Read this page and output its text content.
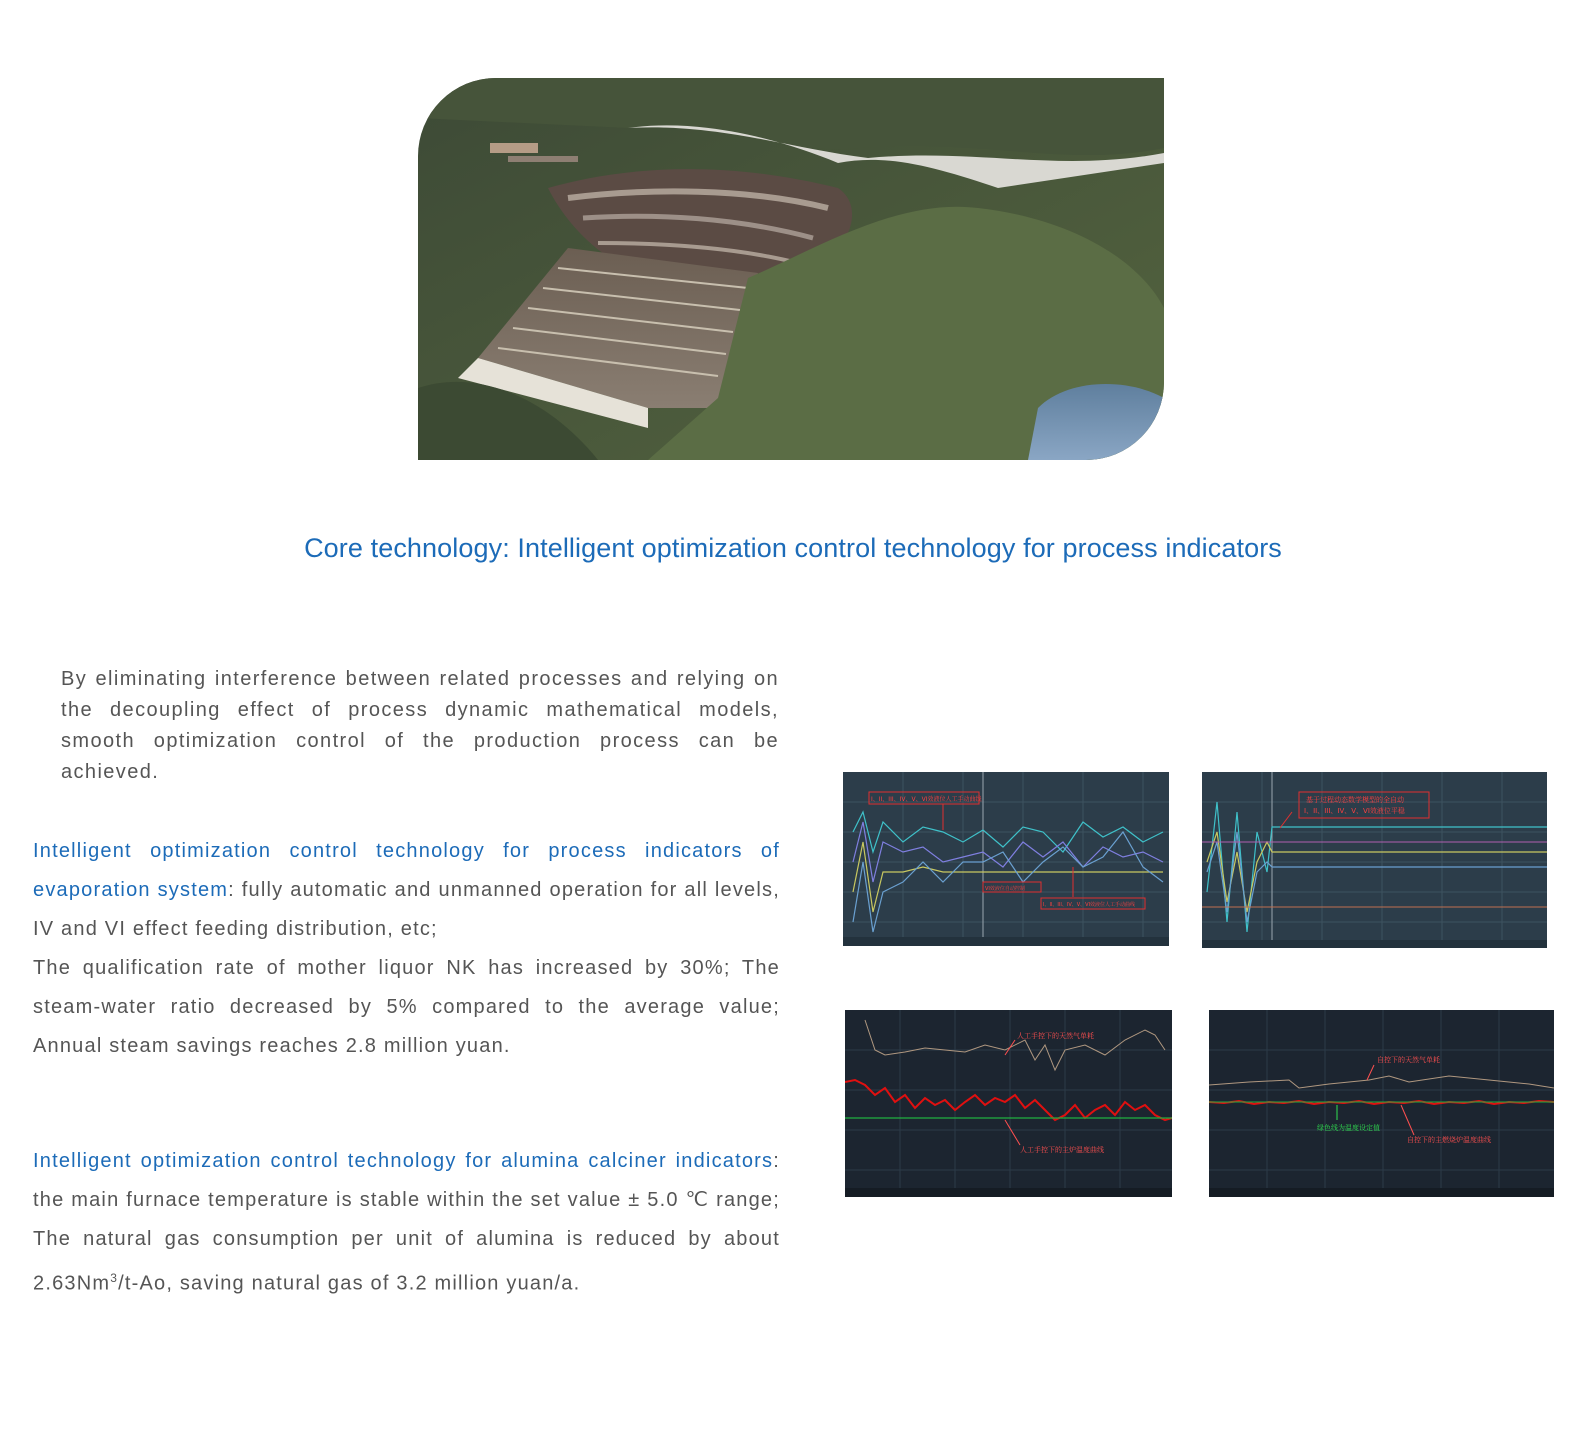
Core technology: Intelligent optimization control technology for process indicators

By eliminating interference between related processes and relying on the decoupling effect of process dynamic mathematical models, smooth optimization control of the production process can be achieved.

Intelligent optimization control technology for process indicators of evaporation system: fully automatic and unmanned operation for all levels, IV and VI effect feeding distribution, etc;
The qualification rate of mother liquor NK has increased by 30%; The steam-water ratio decreased by 5% compared to the average value; Annual steam savings reaches 2.8 million yuan.
Intelligent optimization control technology for alumina calciner indicators: the main furnace temperature is stable within the set value ± 5.0 ℃ range; The natural gas consumption per unit of alumina is reduced by about 2.63Nm$^3$/t-Ao, saving natural gas of 3.2 million yuan/a.
I、II、III、IV、V、VI效液位人工手动曲线
VI效液位自动控制
I、II、III、IV、V、VI效液位人工手动曲线
基于过程动态数学模型的全自动
I、II、III、IV、V、VI效液位平稳
人工手控下的天然气单耗
人工手控下的主炉温度曲线
自控下的天然气单耗
绿色线为温度设定值
自控下的主燃烧炉温度曲线
